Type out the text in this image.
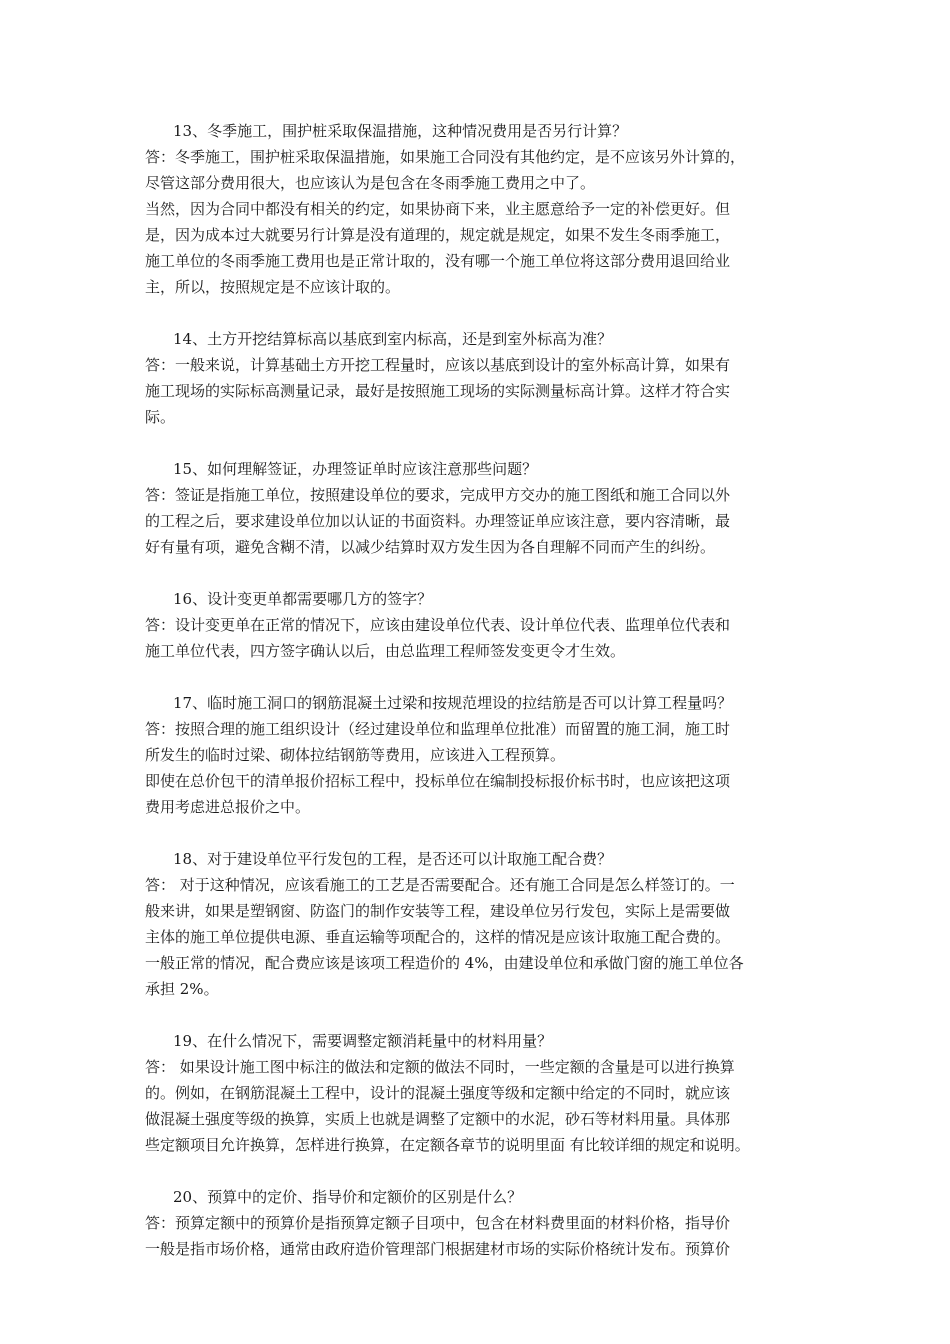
13、冬季施工，围护桩采取保温措施，这种情况费用是否另行计算？
答：冬季施工，围护桩采取保温措施，如果施工合同没有其他约定，是不应该另外计算的，
尽管这部分费用很大，也应该认为是包含在冬雨季施工费用之中了。
当然，因为合同中都没有相关的约定，如果协商下来，业主愿意给予一定的补偿更好。但
是，因为成本过大就要另行计算是没有道理的，规定就是规定，如果不发生冬雨季施工，
施工单位的冬雨季施工费用也是正常计取的，没有哪一个施工单位将这部分费用退回给业
主，所以，按照规定是不应该计取的。
14、土方开挖结算标高以基底到室内标高，还是到室外标高为准？
答：一般来说，计算基础土方开挖工程量时，应该以基底到设计的室外标高计算，如果有
施工现场的实际标高测量记录，最好是按照施工现场的实际测量标高计算。这样才符合实
际。
15、如何理解签证，办理签证单时应该注意那些问题？
答：签证是指施工单位，按照建设单位的要求，完成甲方交办的施工图纸和施工合同以外
的工程之后，要求建设单位加以认证的书面资料。办理签证单应该注意，要内容清晰，最
好有量有项，避免含糊不清，以减少结算时双方发生因为各自理解不同而产生的纠纷。
16、设计变更单都需要哪几方的签字？
答：设计变更单在正常的情况下，应该由建设单位代表、设计单位代表、监理单位代表和
施工单位代表，四方签字确认以后，由总监理工程师签发变更令才生效。
17、临时施工洞口的钢筋混凝土过梁和按规范埋设的拉结筋是否可以计算工程量吗？
答：按照合理的施工组织设计（经过建设单位和监理单位批准）而留置的施工洞，施工时
所发生的临时过梁、砌体拉结钢筋等费用，应该进入工程预算。
即使在总价包干的清单报价招标工程中，投标单位在编制投标报价标书时，也应该把这项
费用考虑进总报价之中。
18、对于建设单位平行发包的工程，是否还可以计取施工配合费？
答： 对于这种情况，应该看施工的工艺是否需要配合。还有施工合同是怎么样签订的。一
般来讲，如果是塑钢窗、防盗门的制作安装等工程，建设单位另行发包，实际上是需要做
主体的施工单位提供电源、垂直运输等项配合的，这样的情况是应该计取施工配合费的。
一般正常的情况，配合费应该是该项工程造价的 4%，由建设单位和承做门窗的施工单位各
承担 2%。
19、在什么情况下，需要调整定额消耗量中的材料用量？
答： 如果设计施工图中标注的做法和定额的做法不同时，一些定额的含量是可以进行换算
的。例如，在钢筋混凝土工程中，设计的混凝土强度等级和定额中给定的不同时，就应该
做混凝土强度等级的换算，实质上也就是调整了定额中的水泥，砂石等材料用量。具体那
些定额项目允许换算，怎样进行换算，在定额各章节的说明里面 有比较详细的规定和说明。
20、预算中的定价、指导价和定额价的区别是什么？
答：预算定额中的预算价是指预算定额子目项中，包含在材料费里面的材料价格，指导价
一般是指市场价格，通常由政府造价管理部门根据建材市场的实际价格统计发布。预算价
